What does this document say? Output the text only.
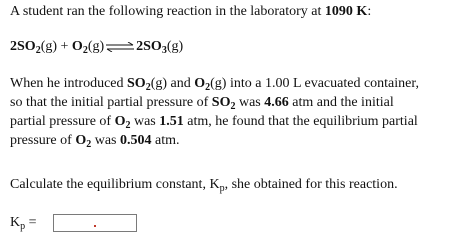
A student ran the following reaction in the laboratory at 1090 K:
$2SO_2(g)$ + $O_2(g)\rightleftharpoons 2SO_3(g)$
When he introduced $SO_2(g)$ and $O_2(g)$ into a 1.00 L evacuated container,
so that the initial partial pressure of $SO_2$ was 4.66 atm and the initial
partial pressure of $O_2$ was 1.51 atm, he found that the equilibrium partial
pressure of $O_2$ was 0.504 atm.
Calculate the equilibrium constant, $K_p$, she obtained for this reaction.
$K_p$ =
